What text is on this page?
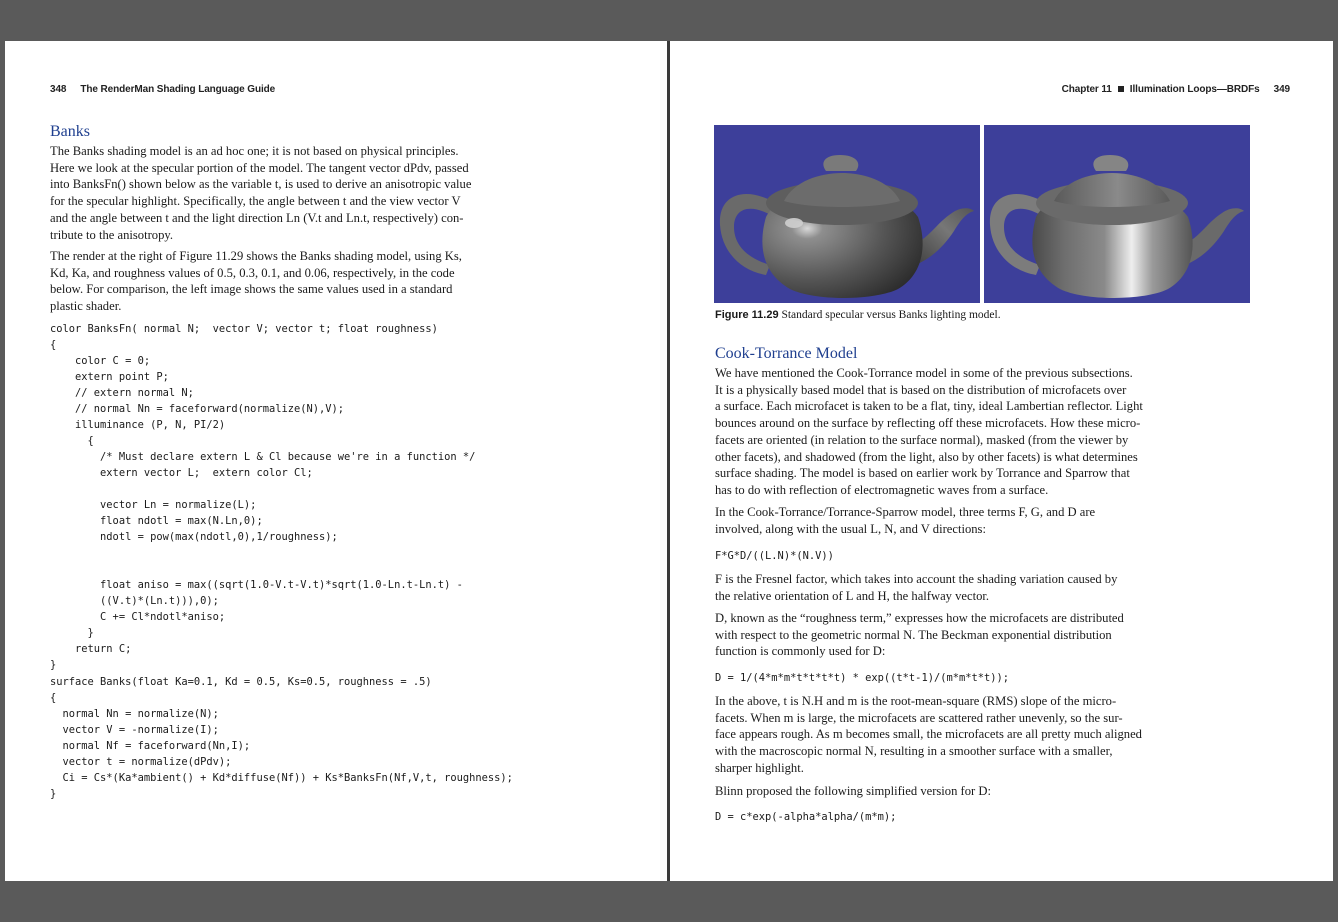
348 The RenderMan Shading Language Guide
Banks
The Banks shading model is an ad hoc one; it is not based on physical principles.
Here we look at the specular portion of the model. The tangent vector dPdv, passed
into BanksFn() shown below as the variable t, is used to derive an anisotropic value
for the specular highlight. Specifically, the angle between t and the view vector V
and the angle between t and the light direction Ln (V.t and Ln.t, respectively) con-
tribute to the anisotropy.
The render at the right of Figure 11.29 shows the Banks shading model, using Ks,
Kd, Ka, and roughness values of 0.5, 0.3, 0.1, and 0.06, respectively, in the code
below. For comparison, the left image shows the same values used in a standard
plastic shader.
color BanksFn( normal N;  vector V; vector t; float roughness)
{
color C = 0;
extern point P;
// extern normal N;
// normal Nn = faceforward(normalize(N),V);
illuminance (P, N, PI/2)
{
/* Must declare extern L & Cl because we're in a function */
extern vector L;  extern color Cl;

vector Ln = normalize(L);
float ndotl = max(N.Ln,0);
ndotl = pow(max(ndotl,0),1/roughness);

float aniso = max((sqrt(1.0-V.t-V.t)*sqrt(1.0-Ln.t-Ln.t) -
((V.t)*(Ln.t))),0);
C += Cl*ndotl*aniso;
}
return C;
}
surface Banks(float Ka=0.1, Kd = 0.5, Ks=0.5, roughness = .5)
{
normal Nn = normalize(N);
vector V = -normalize(I);
normal Nf = faceforward(Nn,I);
vector t = normalize(dPdv);
Ci = Cs*(Ka*ambient() + Kd*diffuse(Nf)) + Ks*BanksFn(Nf,V,t, roughness);
}
Chapter 11 Illumination Loops—BRDFs 349

Figure 11.29 Standard specular versus Banks lighting model.

Cook-Torrance Model
We have mentioned the Cook-Torrance model in some of the previous subsections.
It is a physically based model that is based on the distribution of microfacets over
a surface. Each microfacet is taken to be a flat, tiny, ideal Lambertian reflector. Light
bounces around on the surface by reflecting off these microfacets. How these micro-
facets are oriented (in relation to the surface normal), masked (from the viewer by
other facets), and shadowed (from the light, also by other facets) is what determines
surface shading. The model is based on earlier work by Torrance and Sparrow that
has to do with reflection of electromagnetic waves from a surface.
In the Cook-Torrance/Torrance-Sparrow model, three terms F, G, and D are
involved, along with the usual L, N, and V directions:
F*G*D/((L.N)*(N.V))
F is the Fresnel factor, which takes into account the shading variation caused by
the relative orientation of L and H, the halfway vector.
D, known as the “roughness term,” expresses how the microfacets are distributed
with respect to the geometric normal N. The Beckman exponential distribution
function is commonly used for D:
D = 1/(4*m*m*t*t*t*t) * exp((t*t-1)/(m*m*t*t));
In the above, t is N.H and m is the root-mean-square (RMS) slope of the micro-
facets. When m is large, the microfacets are scattered rather unevenly, so the sur-
face appears rough. As m becomes small, the microfacets are all pretty much aligned
with the macroscopic normal N, resulting in a smoother surface with a smaller,
sharper highlight.
Blinn proposed the following simplified version for D:
D = c*exp(-alpha*alpha/(m*m);
